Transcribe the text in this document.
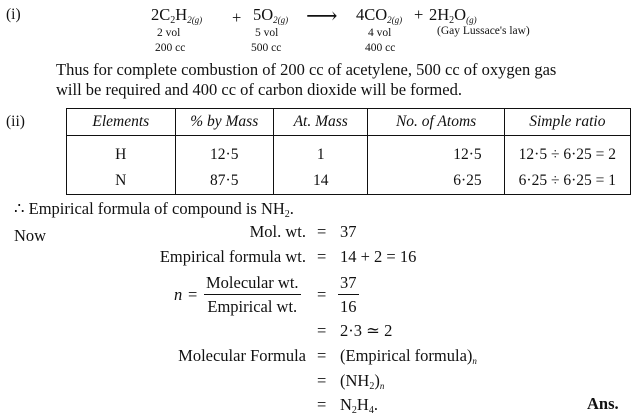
(i)	$2C_2H_{2(g)} + 5O_{2(g)}$ ⟶ $4CO_{2(g)} + 2H_2O_{(g)}$
2 vol	5 vol	4 vol	(Gay Lussace's law)
200 cc	500 cc	400 cc
Thus for complete combustion of 200 cc of acetylene, 500 cc of oxygen gas
will be required and 400 cc of carbon dioxide will be formed.
(ii)	Elements	% by Mass	At. Mass	No. of Atoms	Simple ratio
H	12·5	1	12·5	12·5 ÷ 6·25 = 2
N	87·5	14	6·25	6·25 ÷ 6·25 = 1
∴ Empirical formula of compound is $NH_2$.
Now	Mol. wt. = 37
Empirical formula wt. = 14 + 2 = 16
n =
Molecular wt.
Empirical wt.
= $\frac{37}{16}$
= 2·3 ≃ 2
Molecular Formula = (Empirical $formula)_n$
= $(NH_2)_n$
= $N_2H_4$.	Ans.
